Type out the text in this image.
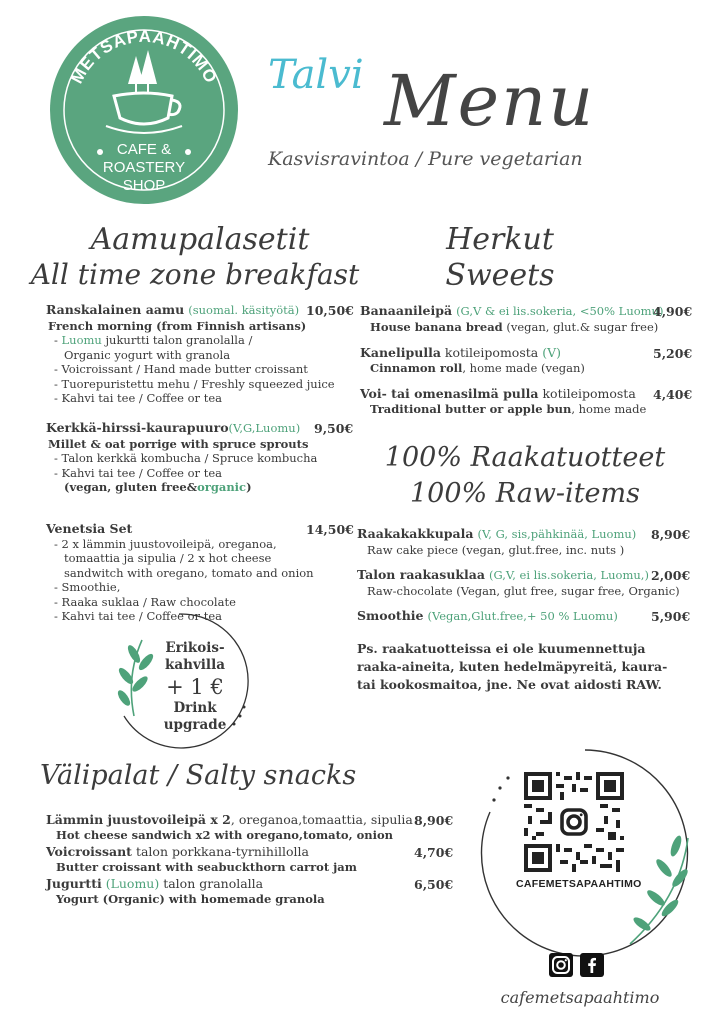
METSAPAAHTIMO
CAFE &
ROASTERY
SHOP
Talvi Menu
Kasvisravintoa / Pure vegetarian
Aamupalasetit
All time zone breakfast
Ranskalainen aamu (suomal. käsityötä)
French morning (from Finnish artisans)
- Luomu jukurtti talon granolalla /
Organic yogurt with granola
- Voicroissant / Hand made butter croissant
- Tuorepuristettu mehu / Freshly squeezed juice
- Kahvi tai tee / Coffee or tea
10,50€
Kerkkä-hirssi-kaurapuuro(V,G,Luomu)
Millet & oat porrige with spruce sprouts
- Talon kerkkä kombucha / Spruce kombucha
- Kahvi tai tee / Coffee or tea
(vegan, gluten free&organic)
9,50€
Venetsia Set
- 2 x lämmin juustovoileipä, oreganoa,
tomaattia ja sipulia / 2 x hot cheese
sandwitch with oregano, tomato and onion
- Smoothie,
- Raaka suklaa / Raw chocolate
- Kahvi tai tee / Coffee or tea
14,50€
Erikois-
kahvilla
+ 1 €
Drink
upgrade
Herkut
Sweets
Banaanileipä (G,V & ei lis.sokeria, <50% Luomu)
House banana bread (vegan, glut.& sugar free)
4,90€
Kanelipulla kotileipomosta (V)
Cinnamon roll, home made (vegan)
5,20€
Voi- tai omenasilmä pulla kotileipomosta
Traditional butter or apple bun, home made
4,40€
100% Raakatuotteet
100% Raw-items
Raakakakkupala (V, G, sis,pähkinää, Luomu)
Raw cake piece (vegan, glut.free, inc. nuts )
8,90€
Talon raakasuklaa (G,V, ei lis.sokeria, Luomu,)
Raw-chocolate (Vegan, glut free, sugar free, Organic)
2,00€
Smoothie (Vegan,Glut.free,+ 50 % Luomu)	5,90€
Ps. raakatuotteissa ei ole kuumennettuja
raaka-aineita, kuten hedelmäpyreitä, kaura-
tai kookosmaitoa, jne. Ne ovat aidosti RAW.
Välipalat / Salty snacks
Lämmin juustovoileipä x 2, oreganoa,tomaattia, sipulia
Hot cheese sandwich x2 with oregano,tomato, onion
8,90€
Voicroissant talon porkkana-tyrnihillolla
Butter croissant with seabuckthorn carrot jam
4,70€
Jugurtti (Luomu) talon granolalla
Yogurt (Organic) with homemade granola
6,50€	CAFEMETSAPAAHTIMO
cafemetsapaahtimo
